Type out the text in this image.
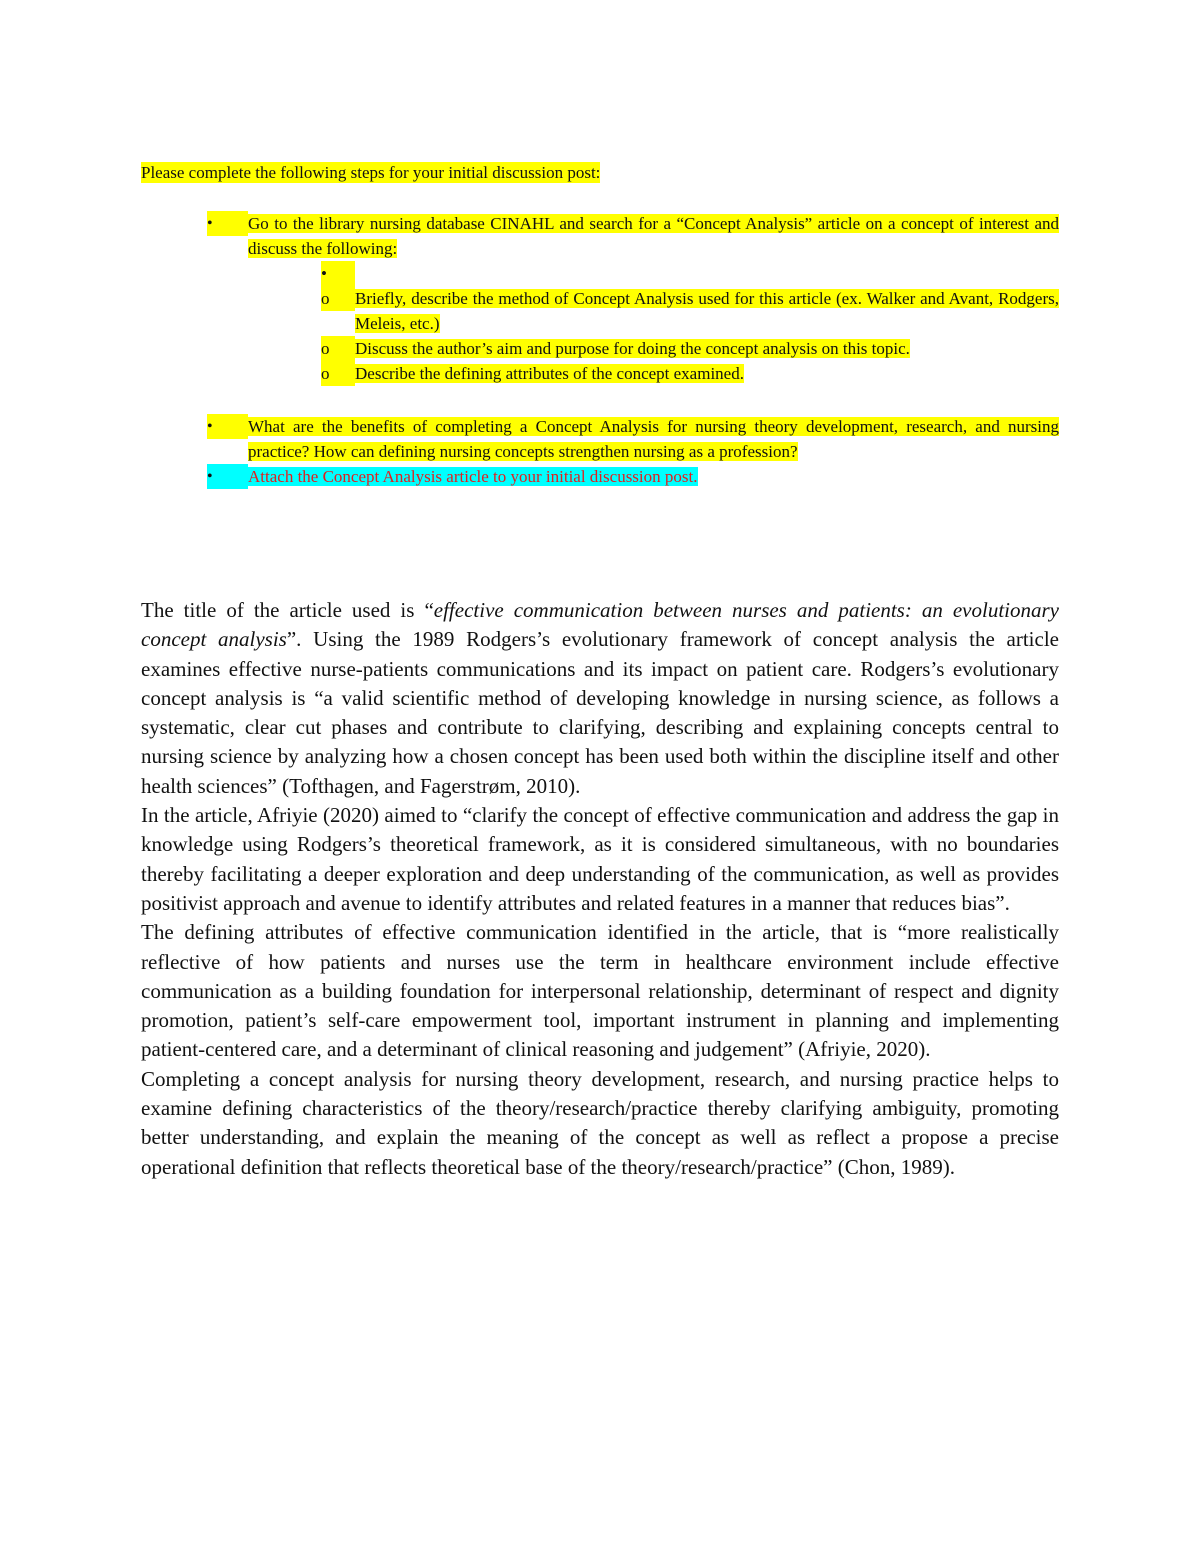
Please complete the following steps for your initial discussion post:
•	Go to the library nursing database CINAHL and search for a “Concept Analysis” article on a concept of interest and discuss the following:
•
o	Briefly, describe the method of Concept Analysis used for this article (ex. Walker and Avant, Rodgers, Meleis, etc.)
o	Discuss the author’s aim and purpose for doing the concept analysis on this topic.
o	Describe the defining attributes of the concept examined.
•	What are the benefits of completing a Concept Analysis for nursing theory development, research, and nursing practice? How can defining nursing concepts strengthen nursing as a profession?
•	Attach the Concept Analysis article to your initial discussion post.

The title of the article used is “effective communication between nurses and patients: an evolutionary concept analysis”. Using the 1989 Rodgers’s evolutionary framework of concept analysis the article examines effective nurse-patients communications and its impact on patient care. Rodgers’s evolutionary concept analysis is “a valid scientific method of developing knowledge in nursing science, as follows a systematic, clear cut phases and contribute to clarifying, describing and explaining concepts central to nursing science by analyzing how a chosen concept has been used both within the discipline itself and other health sciences” (Tofthagen, and Fagerstrøm, 2010).

In the article, Afriyie (2020) aimed to “clarify the concept of effective communication and address the gap in knowledge using Rodgers’s theoretical framework, as it is considered simultaneous, with no boundaries thereby facilitating a deeper exploration and deep understanding of the communication, as well as provides positivist approach and avenue to identify attributes and related features in a manner that reduces bias”.

The defining attributes of effective communication identified in the article, that is “more realistically reflective of how patients and nurses use the term in healthcare environment include effective communication as a building foundation for interpersonal relationship, determinant of respect and dignity promotion, patient’s self-care empowerment tool, important instrument in planning and implementing patient-centered care, and a determinant of clinical reasoning and judgement” (Afriyie, 2020).

Completing a concept analysis for nursing theory development, research, and nursing practice helps to examine defining characteristics of the theory/research/practice thereby clarifying ambiguity, promoting better understanding, and explain the meaning of the concept as well as reflect a propose a precise operational definition that reflects theoretical base of the theory/research/practice” (Chon, 1989).
